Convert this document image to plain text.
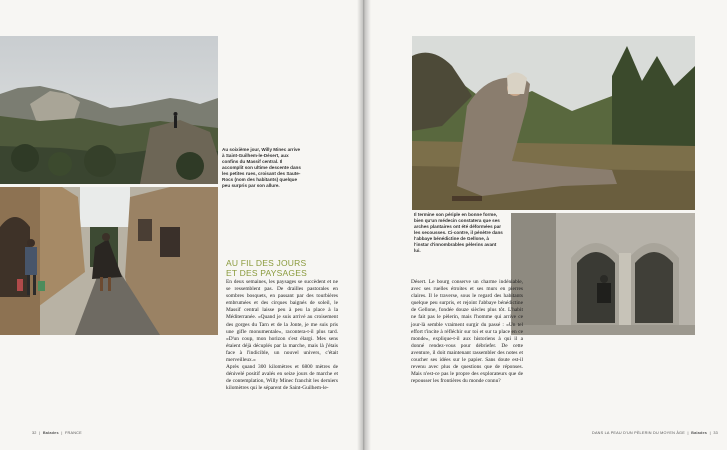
Au soixième jour, Willy Minec arrive à Saint-Guilhem-le-Désert, aux confins du Massif central. Il accomplit son ultime descente dans les petites rues, croisant des Saute-Rocs (nom des habitants) quelque peu surpris par son allure.
AU FIL DES JOURS
ET DES PAYSAGES
En deux semaines, les paysages se succèdent et ne se ressemblent pas. De drailles pastorales en sombres bosquets, en passant par des tourbières embrumées et des cirques baignés de soleil, le Massif central laisse peu à peu la place à la Méditerranée. «Quand je suis arrivé au croisement des gorges du Tarn et de la Jonte, je me suis pris une gifle monumentale», racontera-t-il plus tard. «D'un coup, mon horizon s'est élargi. Mes sens étaient déjà décuplés par la marche, mais là j'étais face à l'indicible, un nouvel univers, c'était merveilleux.»
Après quand 300 kilomètres et 6800 mètres de dénivelé positif avalés en seize jours de marche et de contemplation, Willy Minec franchit les derniers kilomètres qui le séparent de Saint-Guilhem-le-
32  |  Balades  |  FRANCE
Il termine son périple en bonne forme, bien qu'un médecin constatera que ses arches plantaires ont été déformées par les secousses. Ci-contre, il pénètre dans l'abbaye bénédictine de Gellone, à l'instar d'innombrables pèlerins avant lui.
Désert. Le bourg conserve un charme indéniable, avec ses ruelles étroites et ses murs en pierres claires. Il le traverse, sous le regard des habitants quelque peu surpris, et rejoint l'abbaye bénédictine de Gellone, fondée douze siècles plus tôt. L'habit ne fait pas le pèlerin, mais l'homme qui arrive ce jour-là semble vraiment surgir du passé : «Un tel effort t'incite à réfléchir sur toi et sur ta place en ce monde», explique-t-il aux historiens à qui il a donné rendez-vous pour débriefer. De cette aventure, il doit maintenant rassembler des notes et coucher ses idées sur le papier. Sans doute est-il revenu avec plus de questions que de réponses. Mais n'est-ce pas le propre des explorateurs que de repousser les frontières du monde connu?
DANS LA PEAU D'UN PÈLERIN DU MOYEN ÂGE  |  Balades  |  33
